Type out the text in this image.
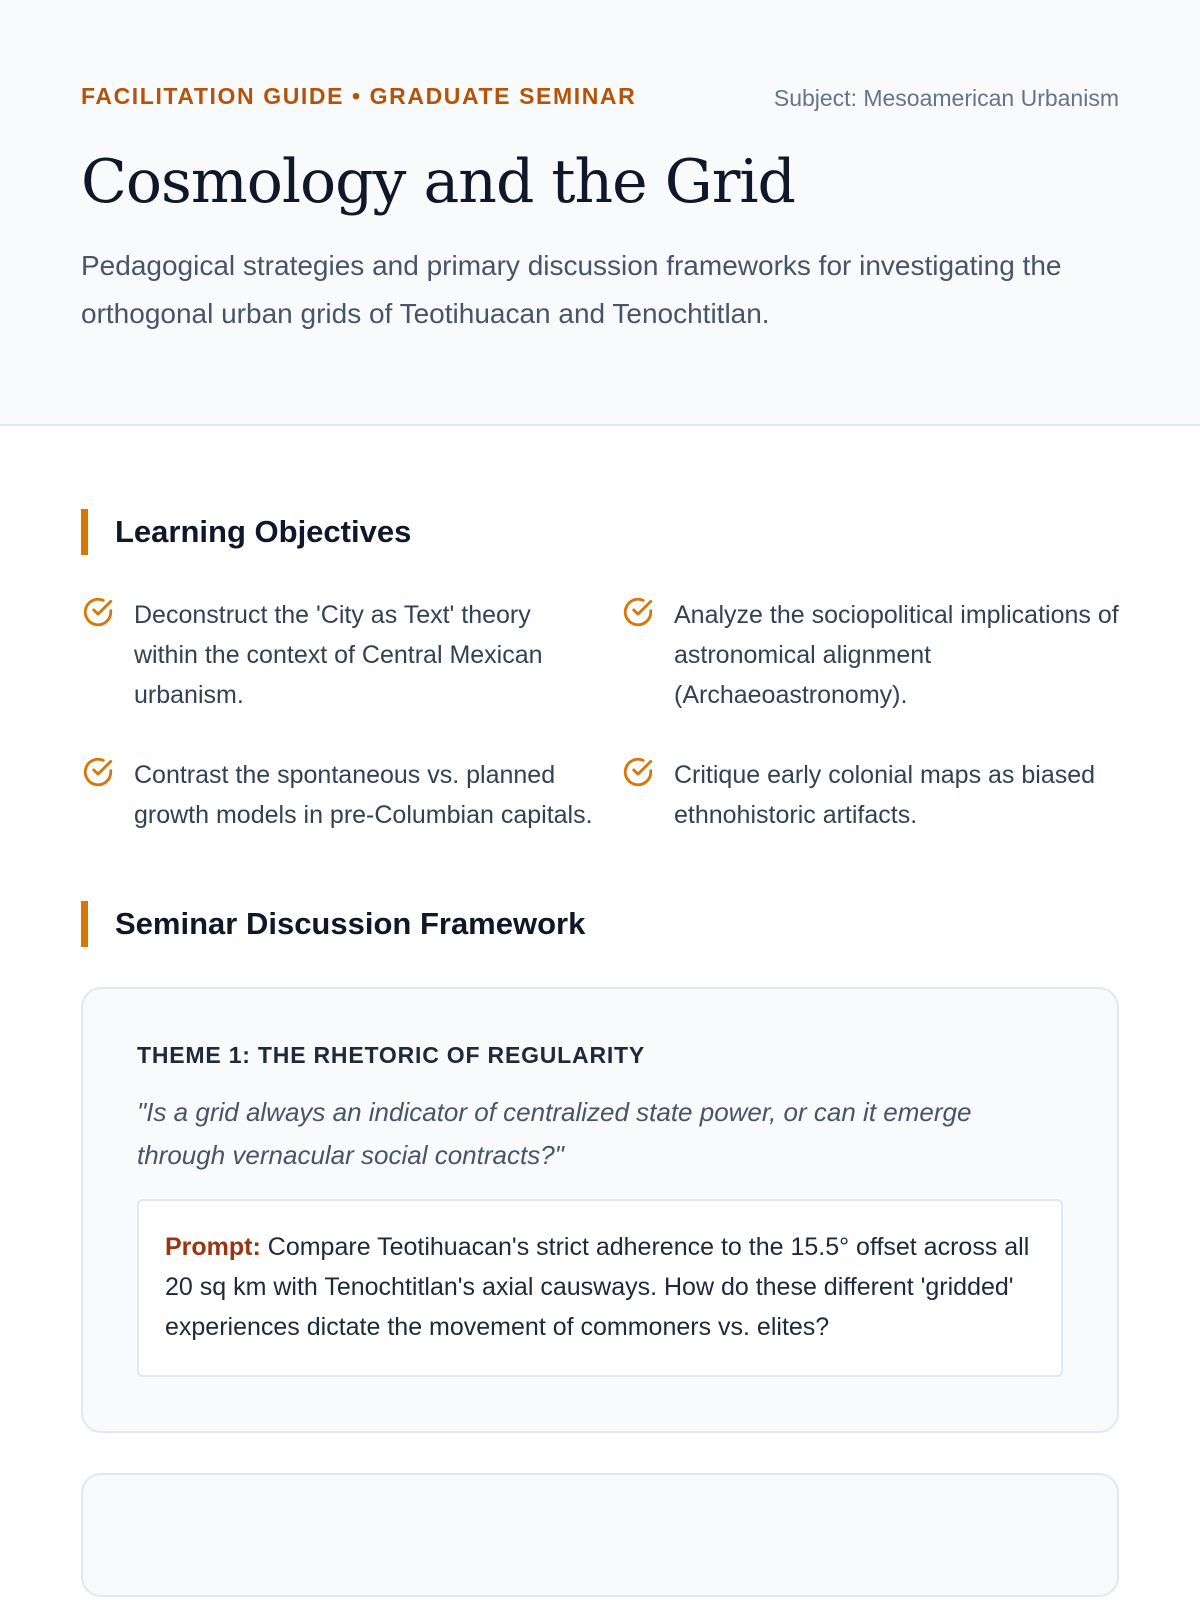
FACILITATION GUIDE • GRADUATE SEMINAR	Subject: Mesoamerican Urbanism
Cosmology and the Grid
Pedagogical strategies and primary discussion frameworks for investigating the orthogonal urban grids of Teotihuacan and Tenochtitlan.
Learning Objectives
Deconstruct the 'City as Text' theory within the context of Central Mexican urbanism.
Analyze the sociopolitical implications of astronomical alignment (Archaeoastronomy).
Contrast the spontaneous vs. planned growth models in pre-Columbian capitals.
Critique early colonial maps as biased ethnohistoric artifacts.
Seminar Discussion Framework
THEME 1: THE RHETORIC OF REGULARITY
"Is a grid always an indicator of centralized state power, or can it emerge through vernacular social contracts?"
Prompt: Compare Teotihuacan's strict adherence to the 15.5° offset across all 20 sq km with Tenochtitlan's axial causways. How do these different 'gridded' experiences dictate the movement of commoners vs. elites?
